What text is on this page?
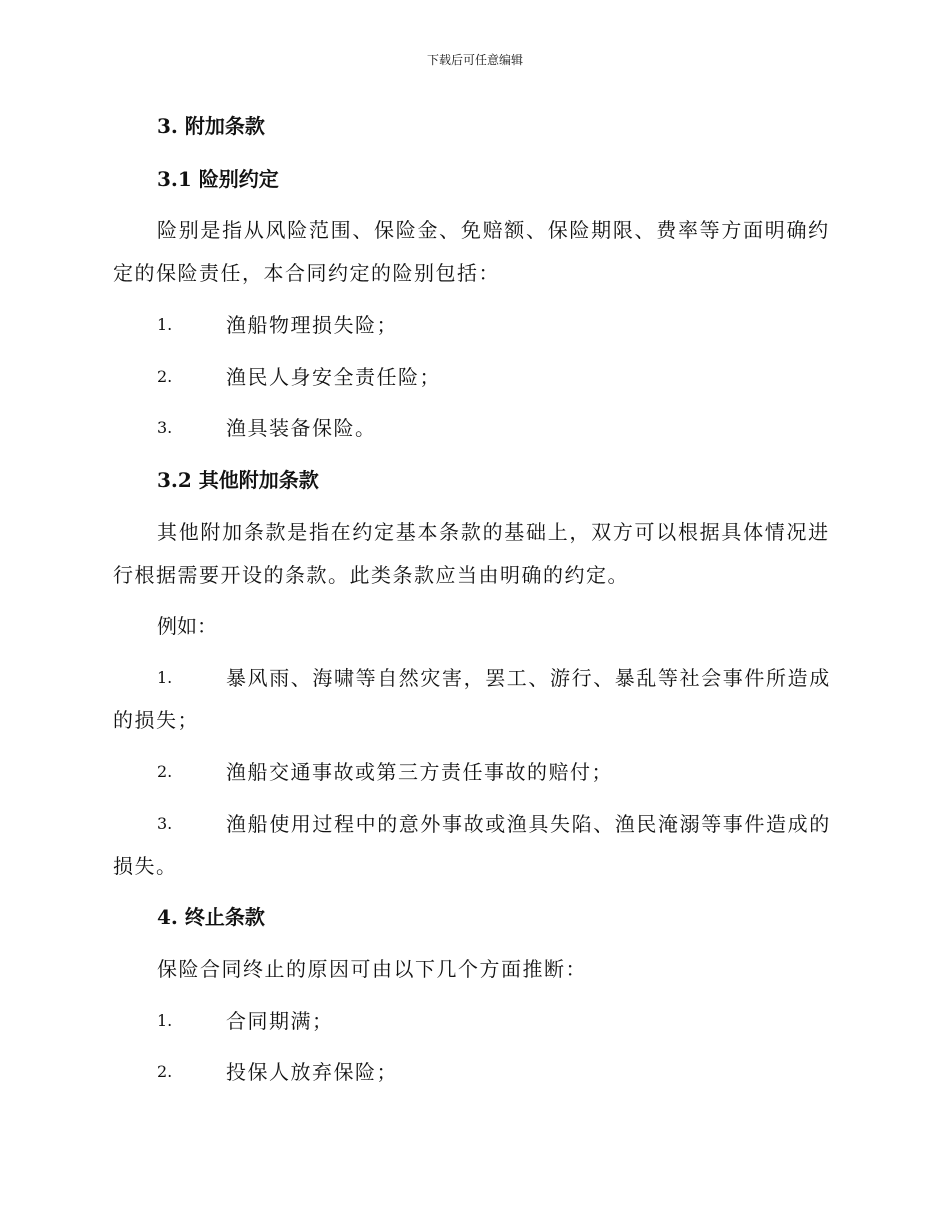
下载后可任意编辑
3. 附加条款
3.1 险别约定
险别是指从风险范围、保险金、免赔额、保险期限、费率等方面明确约
定的保险责任，本合同约定的险别包括：
1.	渔船物理损失险；
2.	渔民人身安全责任险；
3.	渔具装备保险。
3.2 其他附加条款
其他附加条款是指在约定基本条款的基础上，双方可以根据具体情况进
行根据需要开设的条款。此类条款应当由明确的约定。
例如：
1.	暴风雨、海啸等自然灾害，罢工、游行、暴乱等社会事件所造成
的损失；
2.	渔船交通事故或第三方责任事故的赔付；
3.	渔船使用过程中的意外事故或渔具失陷、渔民淹溺等事件造成的
损失。
4. 终止条款
保险合同终止的原因可由以下几个方面推断：
1.	合同期满；
2.	投保人放弃保险；
